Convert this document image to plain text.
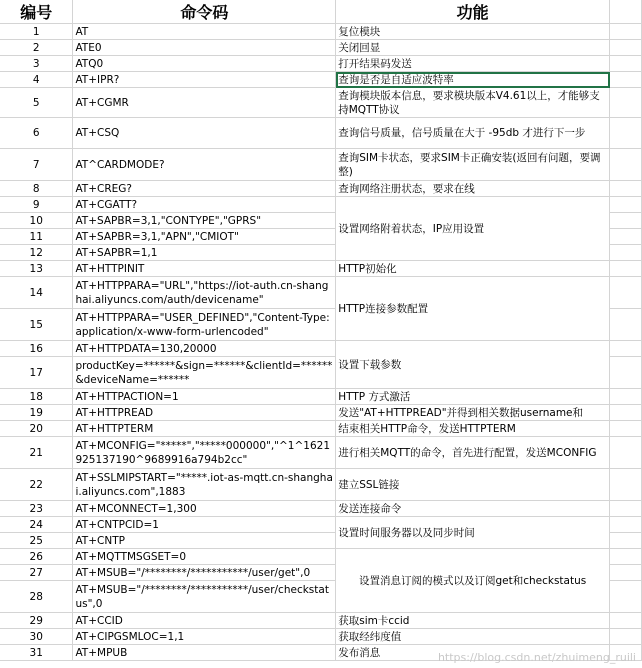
编号	命令码	功能	
1	AT	复位模块	
2	ATE0	关闭回显	
3	ATQ0	打开结果码发送	
4	AT+IPR?	查询是否是自适应波特率	
5	AT+CGMR	查询模块版本信息，要求模块版本V4.61以上，才能够支持MQTT协议	
6	AT+CSQ	查询信号质量，信号质量在大于 -95db 才进行下一步	
7	AT^CARDMODE?	查询SIM卡状态，要求SIM卡正确安装(返回有问题，要调整)	
8	AT+CREG?	查询网络注册状态，要求在线	
9	AT+CGATT?	设置网络附着状态，IP应用设置	
10	AT+SAPBR=3,1,"CONTYPE","GPRS"		
11	AT+SAPBR=3,1,"APN","CMIOT"		
12	AT+SAPBR=1,1		
13	AT+HTTPINIT	HTTP初始化	
14	AT+HTTPPARA="URL","https://iot-auth.cn-shanghai.aliyuncs.com/auth/devicename"	HTTP连接参数配置	
15	AT+HTTPPARA="USER_DEFINED","Content-Type:application/x-www-form-urlencoded"		
16	AT+HTTPDATA=130,20000	设置下载参数	
17	productKey=******&sign=******&clientId=******&deviceName=******		
18	AT+HTTPACTION=1	HTTP 方式激活	
19	AT+HTTPREAD	发送"AT+HTTPREAD"并得到相关数据username和	
20	AT+HTTPTERM	结束相关HTTP命令，发送HTTPTERM	
21	AT+MCONFIG="*****","*****000000","^1^1621925137190^9689916a794b2cc"	进行相关MQTT的命令，首先进行配置，发送MCONFIG	
22	AT+SSLMIPSTART="*****.iot-as-mqtt.cn-shanghai.aliyuncs.com",1883	建立SSL链接	
23	AT+MCONNECT=1,300	发送连接命令	
24	AT+CNTPCID=1	设置时间服务器以及同步时间	
25	AT+CNTP		
26	AT+MQTTMSGSET=0	设置消息订阅的模式以及订阅get和checkstatus	
27	AT+MSUB="/********/***********/user/get",0		
28	AT+MSUB="/********/***********/user/checkstatus",0		
29	AT+CCID	获取sim卡ccid	
30	AT+CIPGSMLOC=1,1	获取经纬度值	
31	AT+MPUB	发布消息		https://blog.csdn.net/zhuimeng_ruili
